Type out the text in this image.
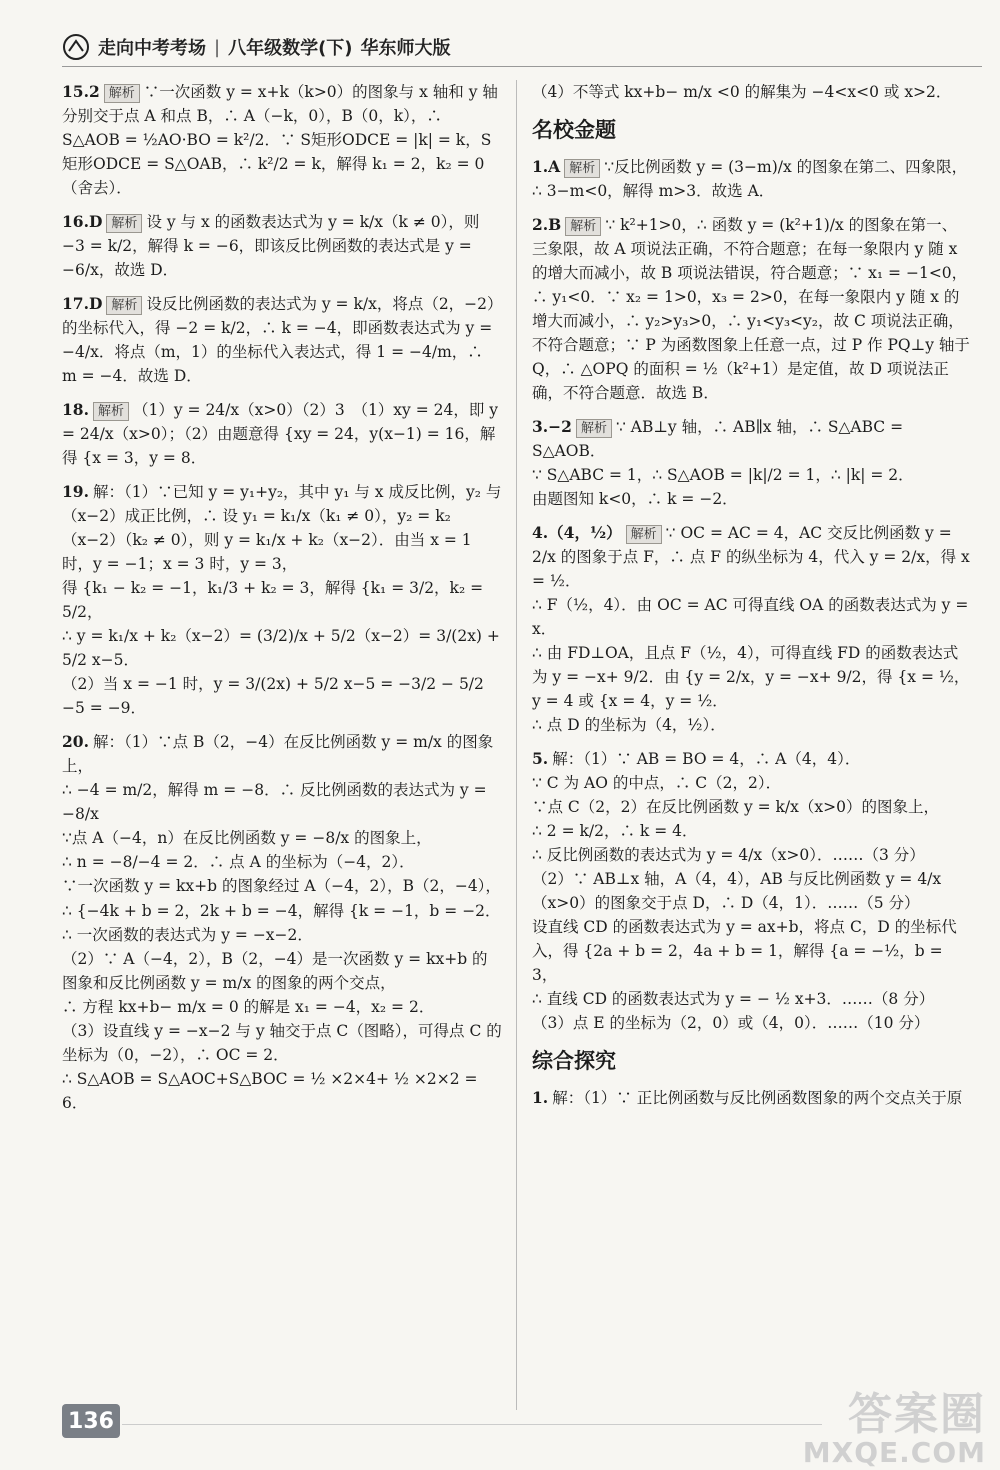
走向中考考场 | 八年级数学(下) 华东师大版
15.2 解析 ∵一次函数 y = x+k（k>0）的图象与 x 轴和 y 轴分别交于点 A 和点 B，∴ A（−k，0），B（0，k），∴ S△AOB = ½AO·BO = k²/2．∵ S矩形ODCE = |k| = k，S矩形ODCE = S△OAB，∴ k²/2 = k，解得 k₁ = 2，k₂ = 0（舍去）．
16.D 解析 设 y 与 x 的函数表达式为 y = k/x（k ≠ 0），则 −3 = k/2，解得 k = −6，即该反比例函数的表达式是 y = −6/x，故选 D．
17.D 解析 设反比例函数的表达式为 y = k/x，将点（2，−2）的坐标代入，得 −2 = k/2，∴ k = −4，即函数表达式为 y = −4/x．将点（m，1）的坐标代入表达式，得 1 = −4/m，∴ m = −4．故选 D．
18. 解析 （1）y = 24/x（x>0）（2）3　（1）xy = 24，即 y = 24/x（x>0）；（2）由题意得 {xy = 24，y(x−1) = 16，解得 {x = 3，y = 8．
19. 解：（1）∵已知 y = y₁+y₂，其中 y₁ 与 x 成反比例，y₂ 与（x−2）成正比例，∴ 设 y₁ = k₁/x（k₁ ≠ 0），y₂ = k₂（x−2）（k₂ ≠ 0），则 y = k₁/x + k₂（x−2）．由当 x = 1 时，y = −1；x = 3 时，y = 3，
得 {k₁ − k₂ = −1，k₁/3 + k₂ = 3，解得 {k₁ = 3/2，k₂ = 5/2，
∴ y = k₁/x + k₂（x−2）= (3/2)/x + 5/2（x−2）= 3/(2x) + 5/2 x−5．
（2）当 x = −1 时，y = 3/(2x) + 5/2 x−5 = −3/2 − 5/2 −5 = −9．
20. 解：（1）∵点 B（2，−4）在反比例函数 y = m/x 的图象上，
∴ −4 = m/2，解得 m = −8．∴ 反比例函数的表达式为 y = −8/x
∵点 A（−4，n）在反比例函数 y = −8/x 的图象上，
∴ n = −8/−4 = 2．∴ 点 A 的坐标为（−4，2）．
∵一次函数 y = kx+b 的图象经过 A（−4，2），B（2，−4），
∴ {−4k + b = 2，2k + b = −4，解得 {k = −1，b = −2．
∴ 一次函数的表达式为 y = −x−2．
（2）∵ A（−4，2），B（2，−4）是一次函数 y = kx+b 的图象和反比例函数 y = m/x 的图象的两个交点，
∴ 方程 kx+b− m/x = 0 的解是 x₁ = −4，x₂ = 2．
（3）设直线 y = −x−2 与 y 轴交于点 C（图略），可得点 C 的坐标为（0，−2），∴ OC = 2．
∴ S△AOB = S△AOC+S△BOC = ½ ×2×4+ ½ ×2×2 = 6．
（4）不等式 kx+b− m/x <0 的解集为 −4<x<0 或 x>2．
名校金题
1.A 解析 ∵反比例函数 y = (3−m)/x 的图象在第二、四象限，
∴ 3−m<0，解得 m>3．故选 A．
2.B 解析 ∵ k²+1>0，∴ 函数 y = (k²+1)/x 的图象在第一、三象限，故 A 项说法正确，不符合题意；在每一象限内 y 随 x 的增大而减小，故 B 项说法错误，符合题意；∵ x₁ = −1<0，∴ y₁<0．∵ x₂ = 1>0，x₃ = 2>0，在每一象限内 y 随 x 的增大而减小，∴ y₂>y₃>0，∴ y₁<y₃<y₂，故 C 项说法正确，不符合题意；∵ P 为函数图象上任意一点，过 P 作 PQ⊥y 轴于 Q，∴ △OPQ 的面积 = ½（k²+1）是定值，故 D 项说法正确，不符合题意．故选 B．
3.−2 解析 ∵ AB⊥y 轴，∴ AB∥x 轴，∴ S△ABC = S△AOB．
∵ S△ABC = 1，∴ S△AOB = |k|/2 = 1，∴ |k| = 2．
由题图知 k<0，∴ k = −2．
4.（4，½） 解析 ∵ OC = AC = 4，AC 交反比例函数 y = 2/x 的图象于点 F，∴ 点 F 的纵坐标为 4，代入 y = 2/x，得 x = ½．
∴ F（½，4）．由 OC = AC 可得直线 OA 的函数表达式为 y = x．
∴ 由 FD⊥OA，且点 F（½，4），可得直线 FD 的函数表达式为 y = −x+ 9/2．由 {y = 2/x，y = −x+ 9/2，得 {x = ½，y = 4 或 {x = 4，y = ½．
∴ 点 D 的坐标为（4，½）．
5. 解：（1）∵ AB = BO = 4，∴ A（4，4）．
∵ C 为 AO 的中点，∴ C（2，2）．
∵点 C（2，2）在反比例函数 y = k/x（x>0）的图象上，
∴ 2 = k/2，∴ k = 4．
∴ 反比例函数的表达式为 y = 4/x（x>0）．……（3 分）
（2）∵ AB⊥x 轴，A（4，4），AB 与反比例函数 y = 4/x（x>0）的图象交于点 D，∴ D（4，1）．……（5 分）
设直线 CD 的函数表达式为 y = ax+b，将点 C，D 的坐标代入，得 {2a + b = 2，4a + b = 1，解得 {a = −½，b = 3，
∴ 直线 CD 的函数表达式为 y = − ½ x+3．……（8 分）
（3）点 E 的坐标为（2，0）或（4，0）．……（10 分）
综合探究
1. 解：（1）∵ 正比例函数与反比例函数图象的两个交点关于原
136	答案圈
MXQE.COM
